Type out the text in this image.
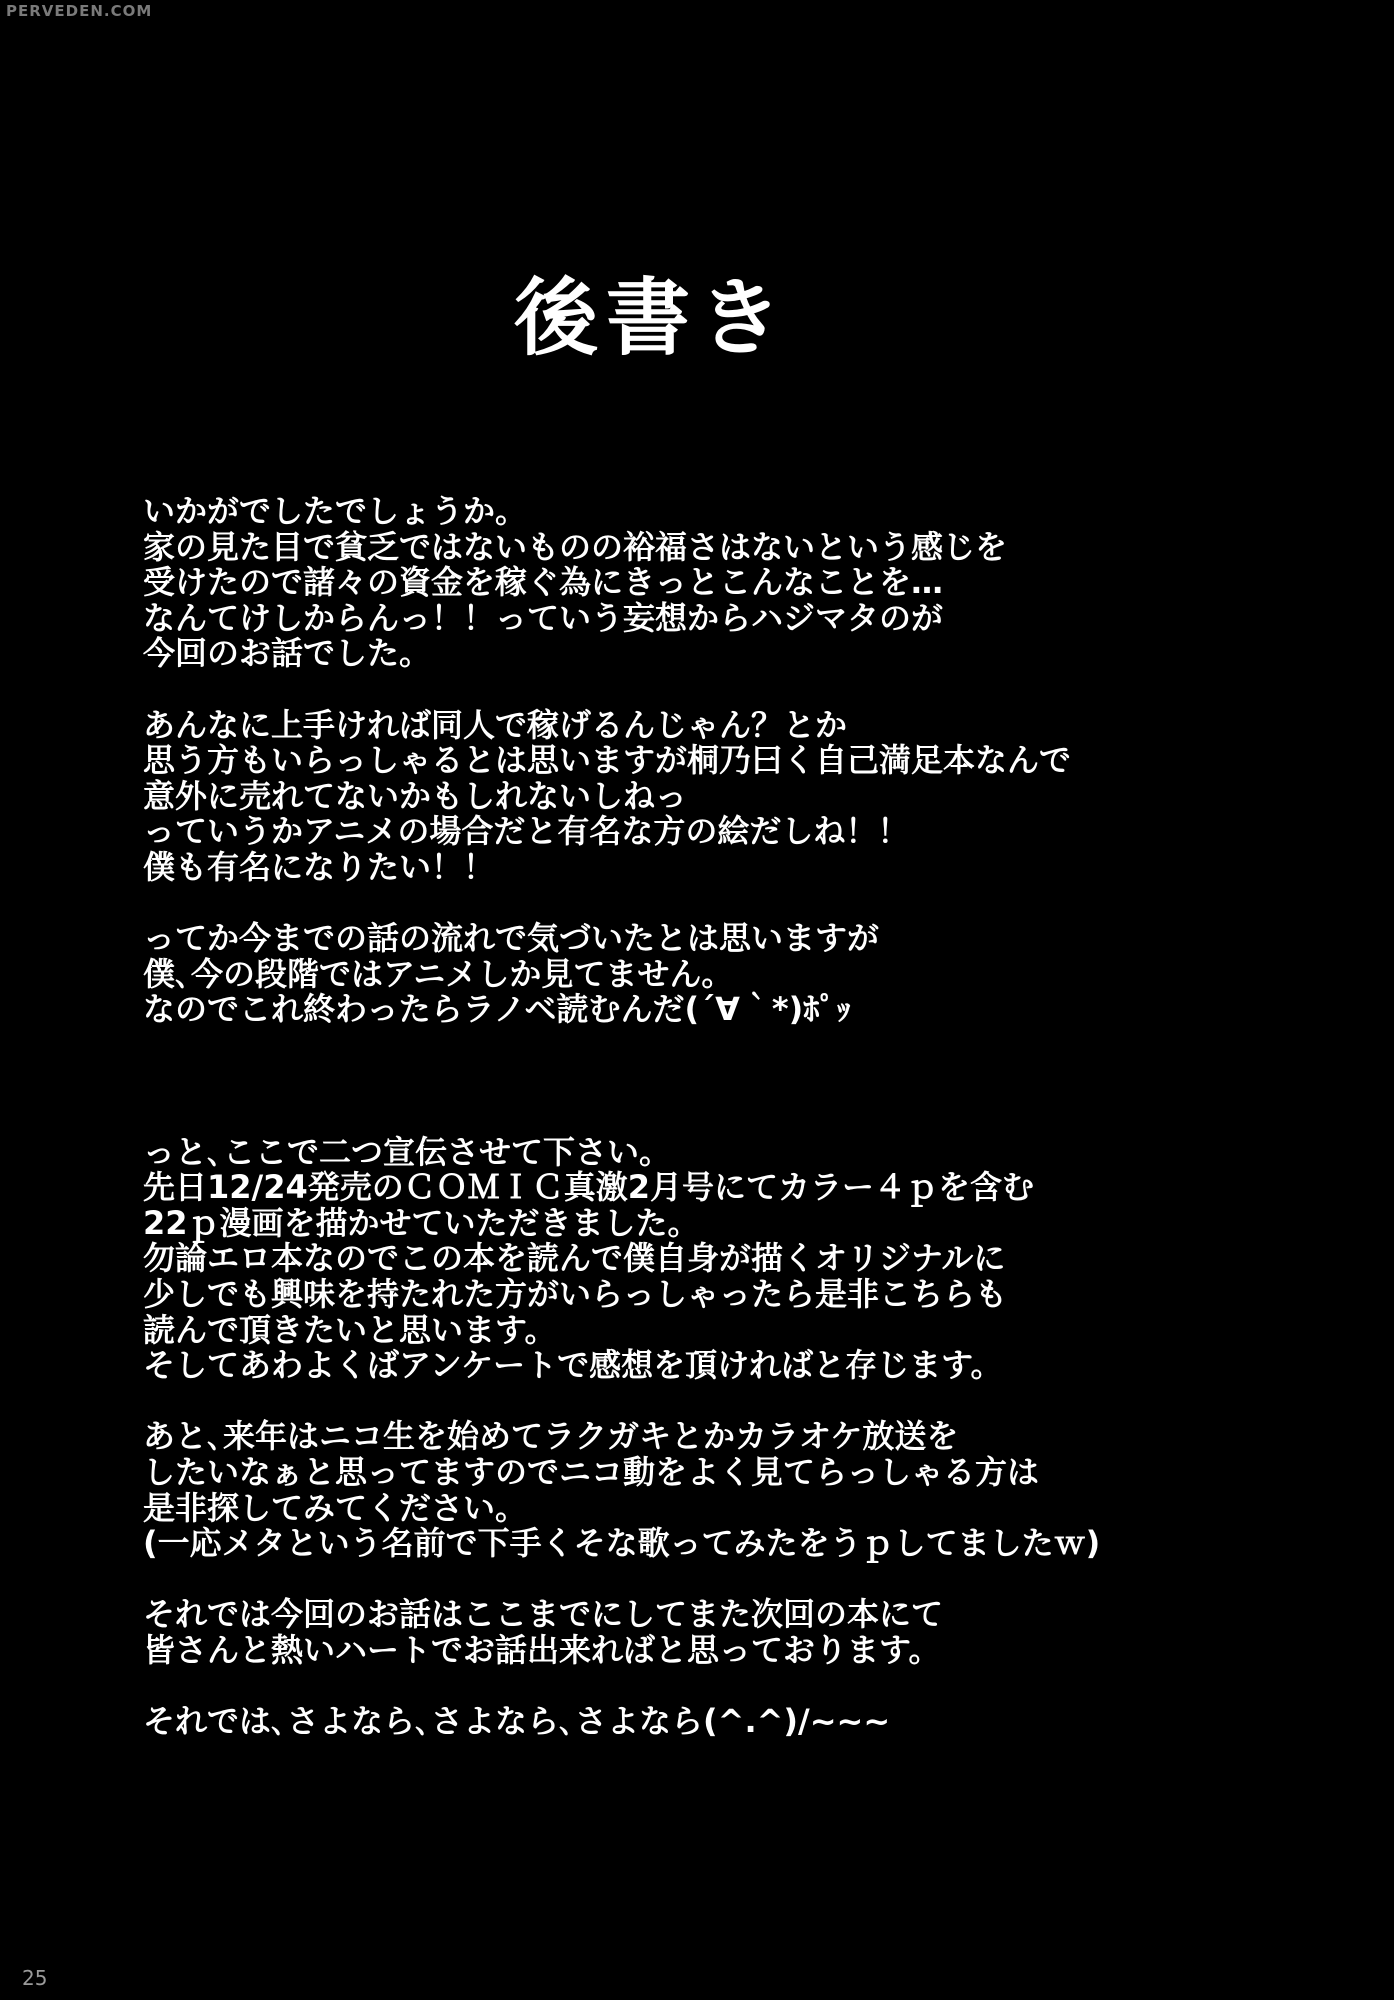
PERVEDEN.COM
後書き

いかがでしたでしょうか。
家の見た目で貧乏ではないものの裕福さはないという感じを
受けたので諸々の資金を稼ぐ為にきっとこんなことを…
なんてけしからんっ！！っていう妄想からハジマタのが
今回のお話でした。

あんなに上手ければ同人で稼げるんじゃん？とか
思う方もいらっしゃるとは思いますが桐乃曰く自己満足本なんで
意外に売れてないかもしれないしねっ
っていうかアニメの場合だと有名な方の絵だしね！！
僕も有名になりたい！！

ってか今までの話の流れで気づいたとは思いますが
僕､今の段階ではアニメしか見てません｡
なのでこれ終わったらラノベ読むんだ(´∀｀*)ﾎﾟｯ

っと､ここで二つ宣伝させて下さい。
先日12/24発売のＣＯＭＩＣ真激2月号にてカラー４ｐを含む
22ｐ漫画を描かせていただきました。
勿論エロ本なのでこの本を読んで僕自身が描くオリジナルに
少しでも興味を持たれた方がいらっしゃったら是非こちらも
読んで頂きたいと思います。
そしてあわよくばアンケートで感想を頂ければと存じます。

あと､来年はニコ生を始めてラクガキとかカラオケ放送を
したいなぁと思ってますのでニコ動をよく見てらっしゃる方は
是非探してみてください。
(一応メタという名前で下手くそな歌ってみたをうｐしてましたｗ)

それでは今回のお話はここまでにしてまた次回の本にて
皆さんと熱いハートでお話出来ればと思っております。

それでは､さよなら､さよなら､さよなら(^.^)/~~~

25
